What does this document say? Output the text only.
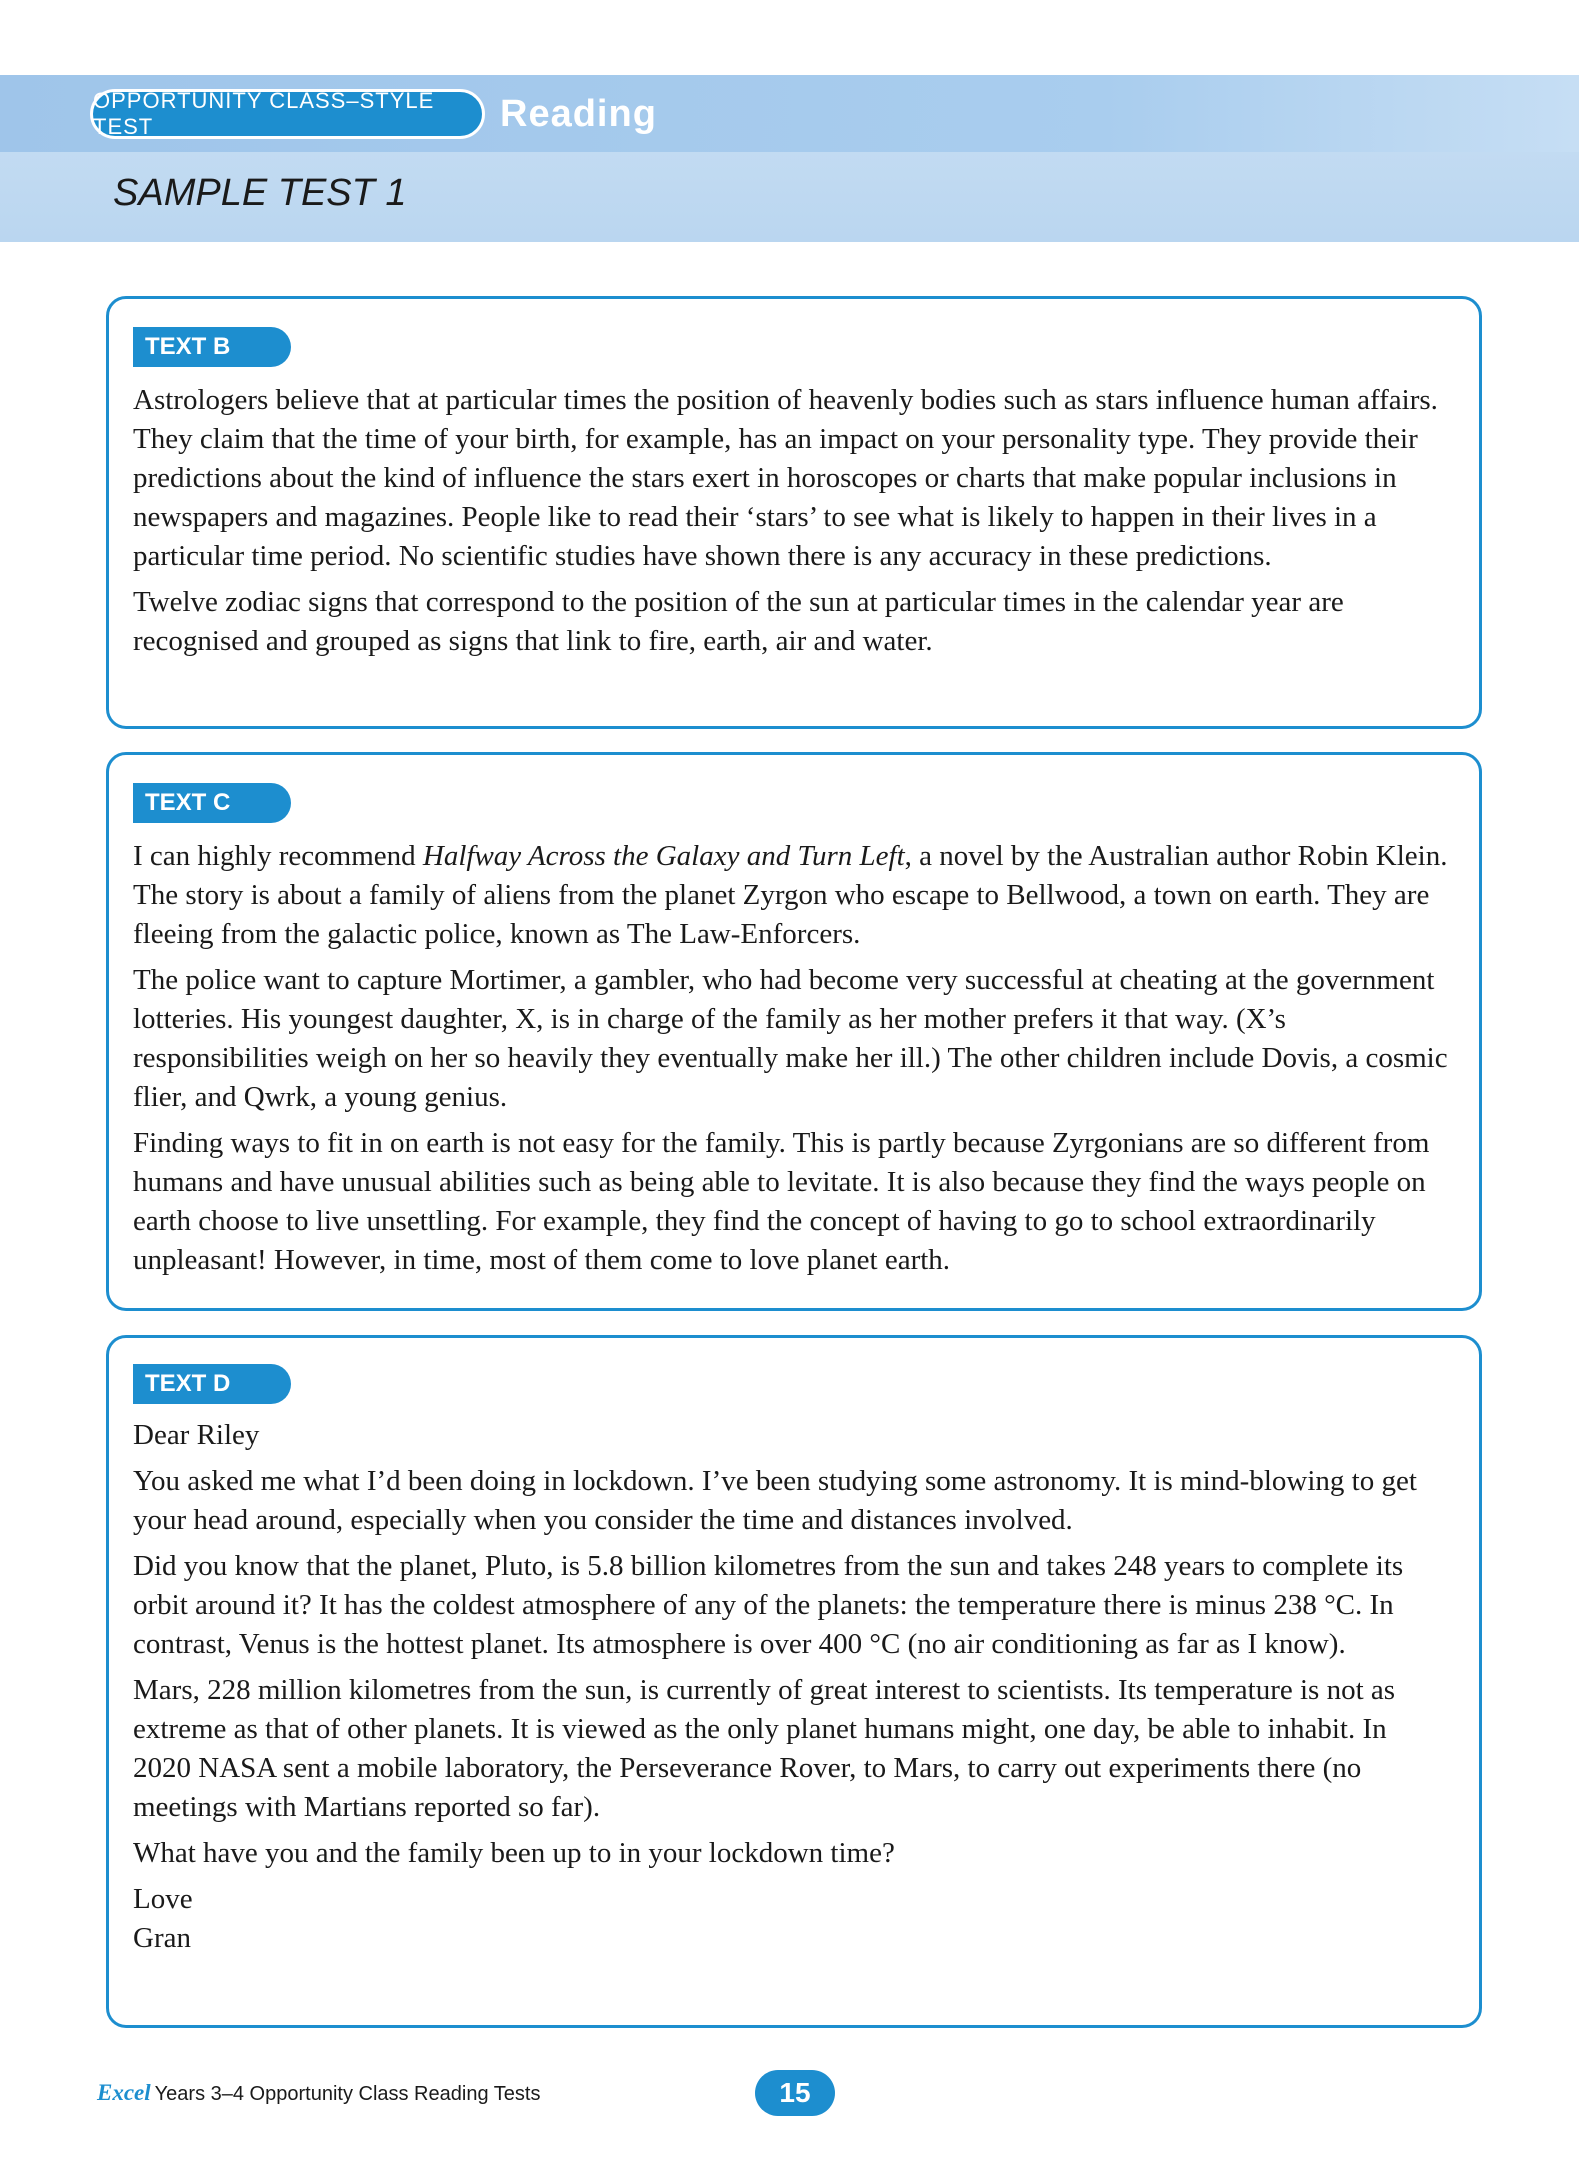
OPPORTUNITY CLASS–STYLE TEST	Reading
SAMPLE TEST 1
TEXT B

Astrologers believe that at particular times the position of heavenly bodies such as stars influence human affairs. They claim that the time of your birth, for example, has an impact on your personality type. They provide their predictions about the kind of influence the stars exert in horoscopes or charts that make popular inclusions in newspapers and magazines. People like to read their ‘stars’ to see what is likely to happen in their lives in a particular time period. No scientific studies have shown there is any accuracy in these predictions.

Twelve zodiac signs that correspond to the position of the sun at particular times in the calendar year are recognised and grouped as signs that link to fire, earth, air and water.

TEXT C

I can highly recommend Halfway Across the Galaxy and Turn Left, a novel by the Australian author Robin Klein. The story is about a family of aliens from the planet Zyrgon who escape to Bellwood, a town on earth. They are fleeing from the galactic police, known as The Law-Enforcers.

The police want to capture Mortimer, a gambler, who had become very successful at cheating at the government lotteries. His youngest daughter, X, is in charge of the family as her mother prefers it that way. (X’s responsibilities weigh on her so heavily they eventually make her ill.) The other children include Dovis, a cosmic flier, and Qwrk, a young genius.

Finding ways to fit in on earth is not easy for the family. This is partly because Zyrgonians are so different from humans and have unusual abilities such as being able to levitate. It is also because they find the ways people on earth choose to live unsettling. For example, they find the concept of having to go to school extraordinarily unpleasant! However, in time, most of them come to love planet earth.

TEXT D

Dear Riley

You asked me what I’d been doing in lockdown. I’ve been studying some astronomy. It is mind-blowing to get your head around, especially when you consider the time and distances involved.

Did you know that the planet, Pluto, is 5.8 billion kilometres from the sun and takes 248 years to complete its orbit around it? It has the coldest atmosphere of any of the planets: the temperature there is minus 238 °C. In contrast, Venus is the hottest planet. Its atmosphere is over 400 °C (no air conditioning as far as I know).

Mars, 228 million kilometres from the sun, is currently of great interest to scientists. Its temperature is not as extreme as that of other planets. It is viewed as the only planet humans might, one day, be able to inhabit. In 2020 NASA sent a mobile laboratory, the Perseverance Rover, to Mars, to carry out experiments there (no meetings with Martians reported so far).

What have you and the family been up to in your lockdown time?

Love

Gran

Excel Years 3–4 Opportunity Class Reading Tests	15
